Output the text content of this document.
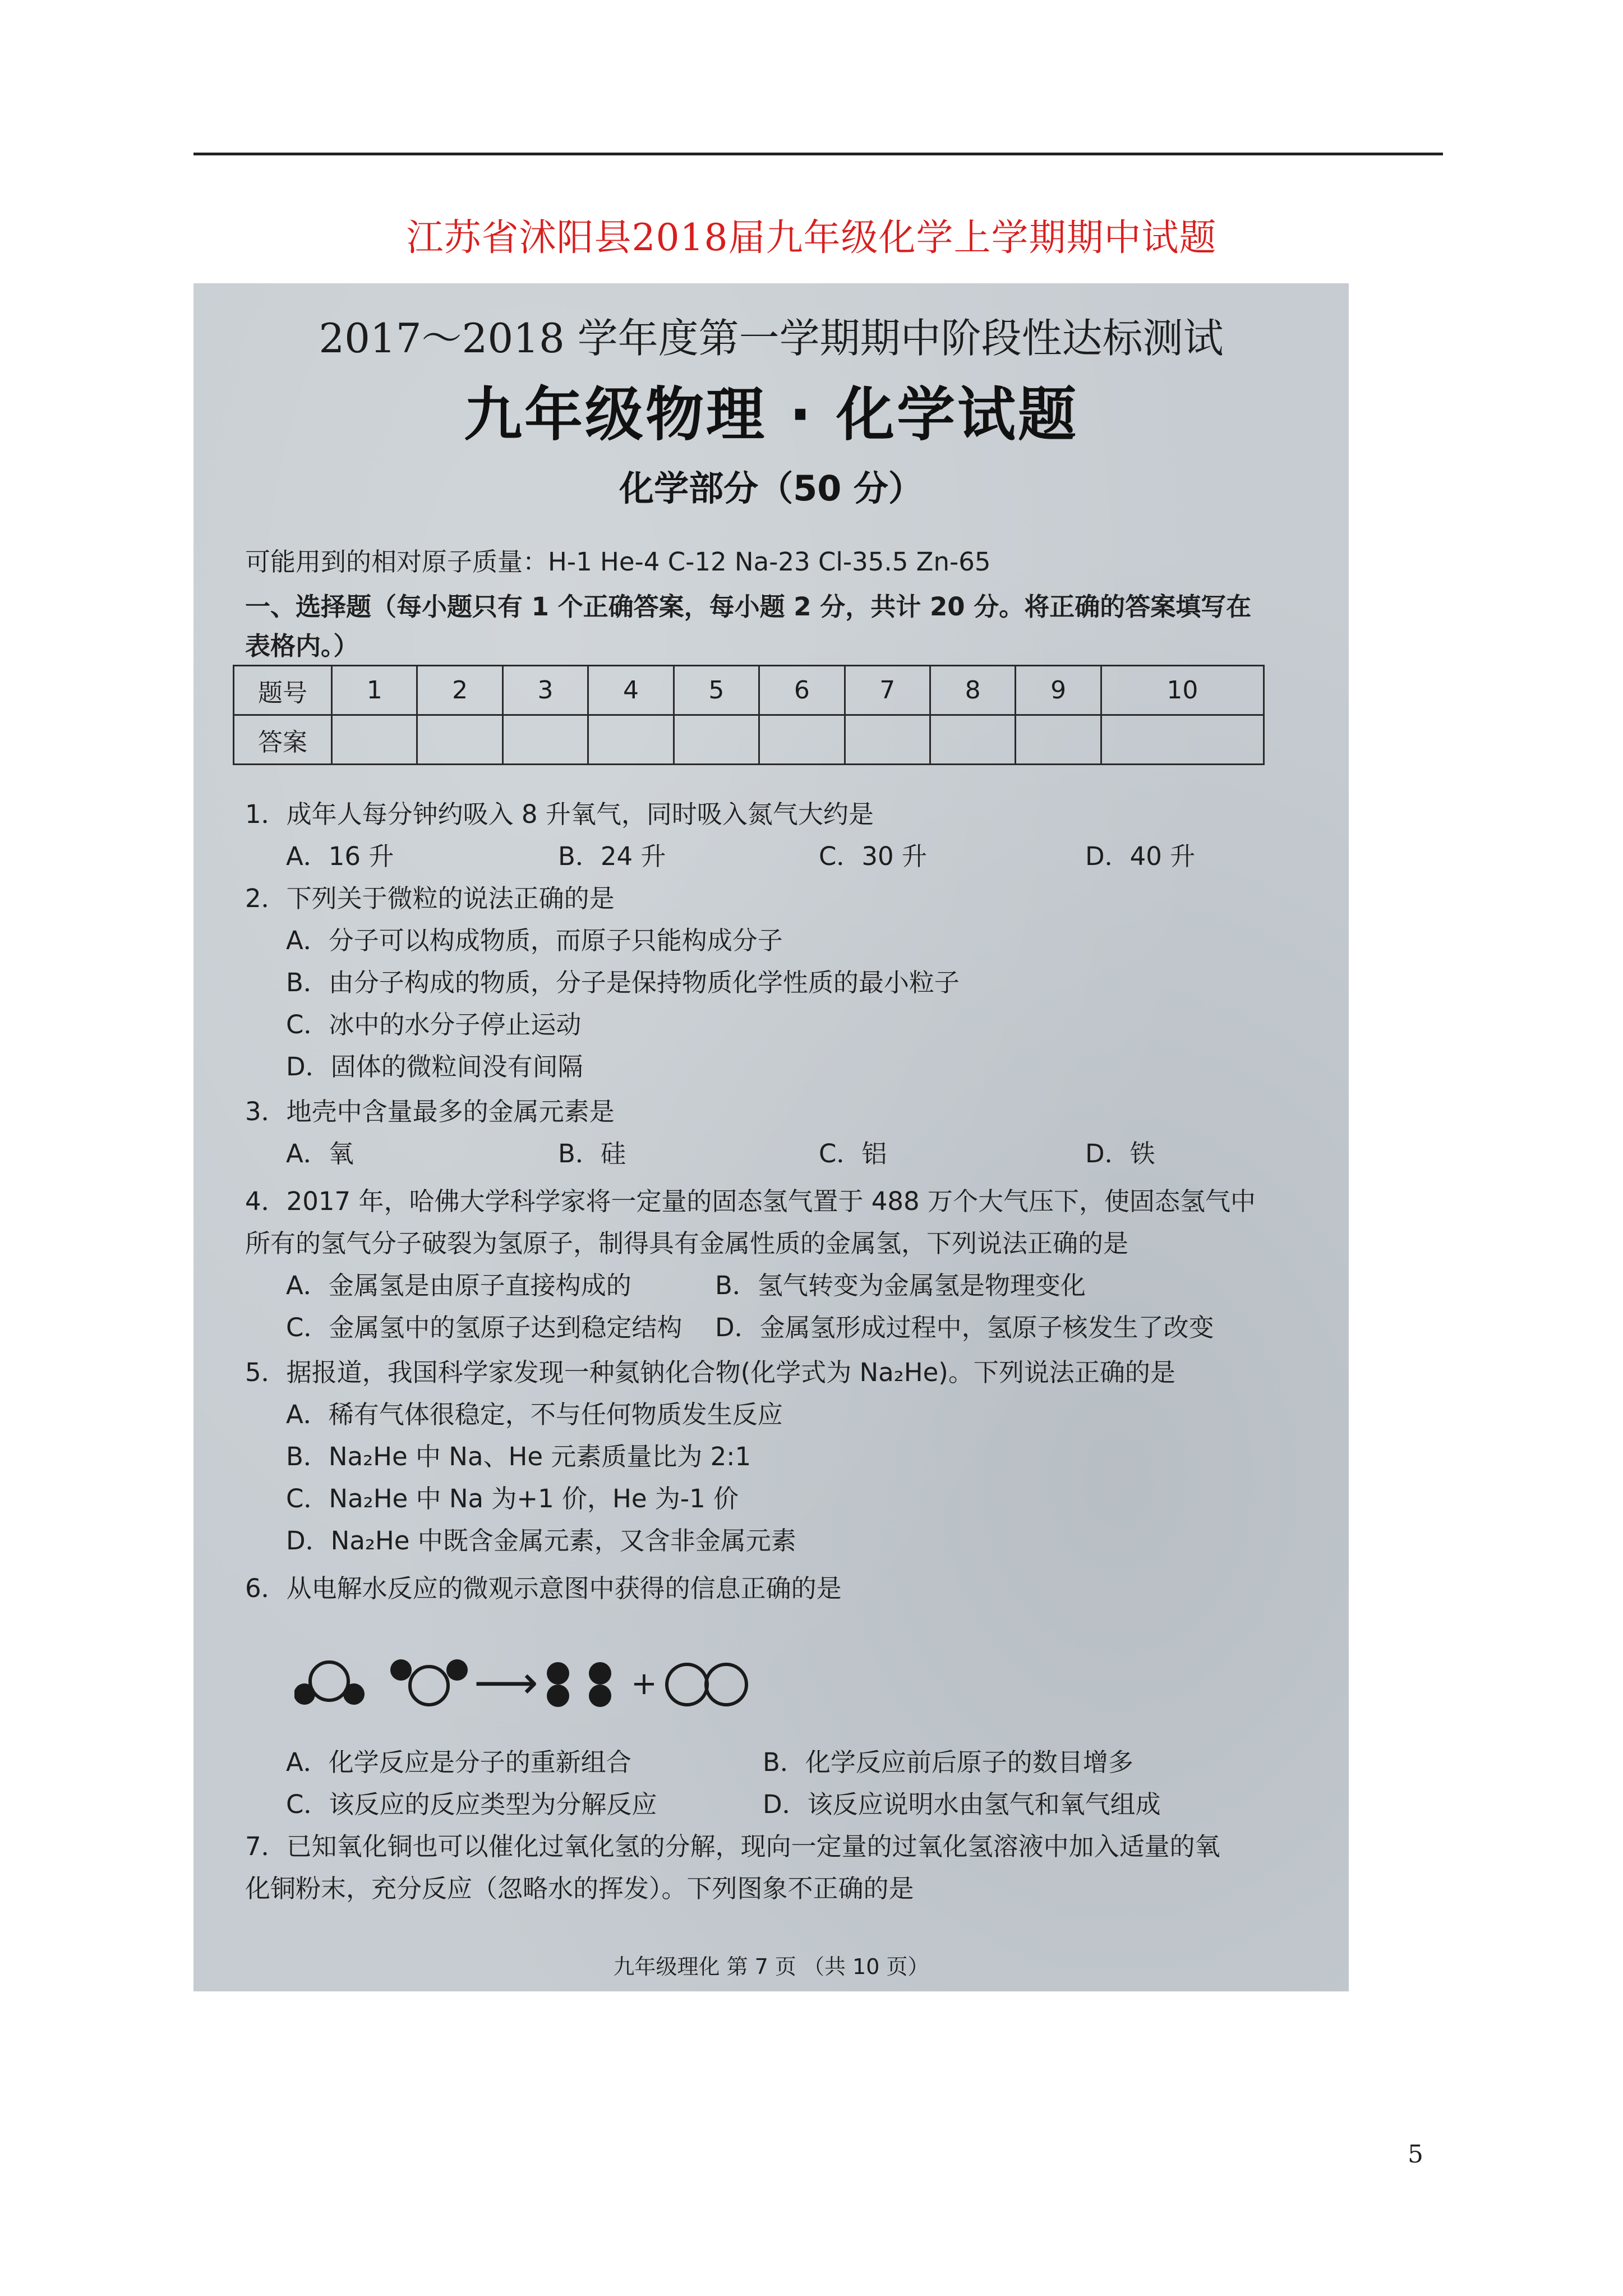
江苏省沭阳县2018届九年级化学上学期期中试题
2017～2018 学年度第一学期期中阶段性达标测试
九年级物理 · 化学试题
化学部分（50 分）
可能用到的相对原子质量：H-1 He-4 C-12 Na-23 Cl-35.5 Zn-65
一、选择题（每小题只有 1 个正确答案，每小题 2 分，共计 20 分。将正确的答案填写在
表格内。）
题号	1	2	3	4	5	6	7	8	9	10
答案										
1．成年人每分钟约吸入 8 升氧气，同时吸入氮气大约是
A．16 升	B．24 升	C．30 升	D．40 升
2．下列关于微粒的说法正确的是
A．分子可以构成物质，而原子只能构成分子
B．由分子构成的物质，分子是保持物质化学性质的最小粒子
C．冰中的水分子停止运动
D．固体的微粒间没有间隔
3．地壳中含量最多的金属元素是
A．氧	B．硅	C．铝	D．铁
4．2017 年，哈佛大学科学家将一定量的固态氢气置于 488 万个大气压下，使固态氢气中
所有的氢气分子破裂为氢原子，制得具有金属性质的金属氢，下列说法正确的是
A．金属氢是由原子直接构成的	B．氢气转变为金属氢是物理变化
C．金属氢中的氢原子达到稳定结构 D．金属氢形成过程中，氢原子核发生了改变
5．据报道，我国科学家发现一种氦钠化合物(化学式为 Na₂He)。下列说法正确的是
A．稀有气体很稳定，不与任何物质发生反应
B．Na₂He 中 Na、He 元素质量比为 2:1
C．Na₂He 中 Na 为+1 价，He 为-1 价
D．Na₂He 中既含金属元素，又含非金属元素
6．从电解水反应的微观示意图中获得的信息正确的是
⟶	+
A．化学反应是分子的重新组合	B．化学反应前后原子的数目增多
C．该反应的反应类型为分解反应	D．该反应说明水由氢气和氧气组成
7．已知氧化铜也可以催化过氧化氢的分解，现向一定量的过氧化氢溶液中加入适量的氧
化铜粉末，充分反应（忽略水的挥发）。下列图象不正确的是
九年级理化 第 7 页 （共 10 页）
5
